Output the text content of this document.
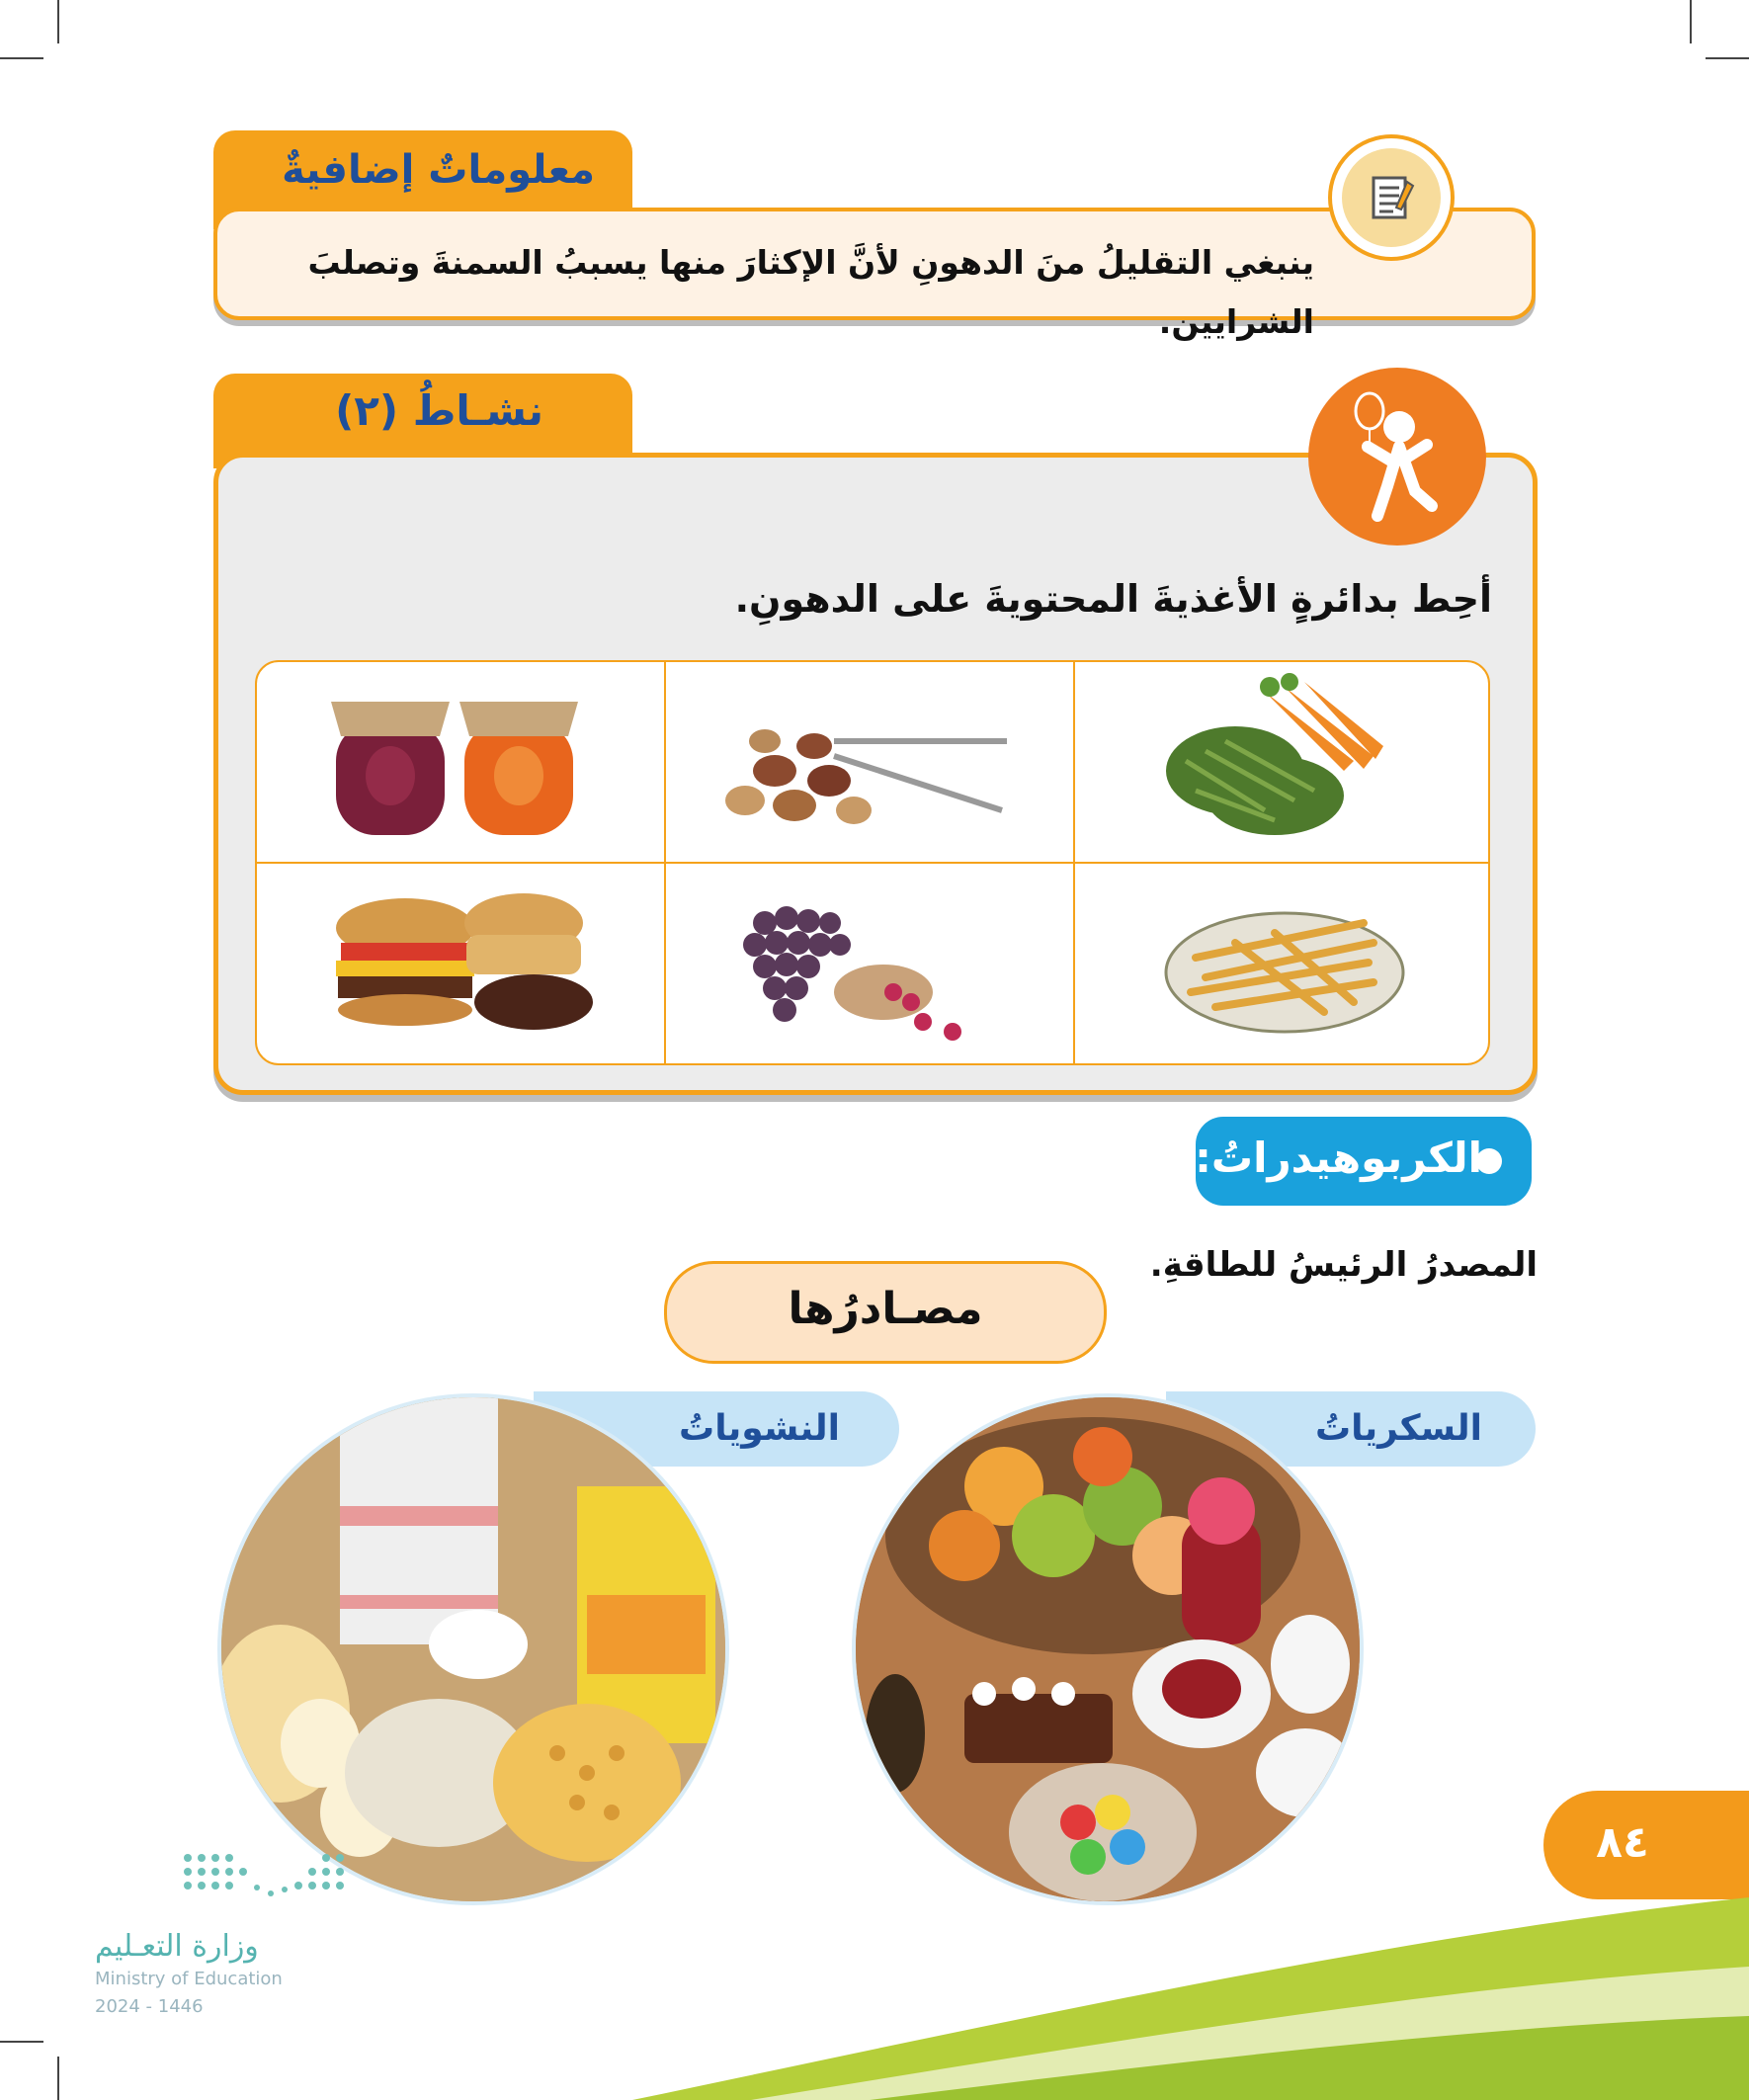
معلوماتٌ إضافيةٌ
ينبغي التقليلُ منَ الدهونِ لأنَّ الإكثارَ منها يسببُ السمنةَ وتصلبَ الشرايين.
نشـاطُ (٢)
أحِط بدائرةٍ الأغذيةَ المحتويةَ على الدهونِ.
الكربوهيدراتُ:
المصدرُ الرئيسُ للطاقةِ.
مصـادرُها
السكرياتُ
النشوياتُ
٨٤
وزارة التعـليم
Ministry of Education
2024 - 1446
